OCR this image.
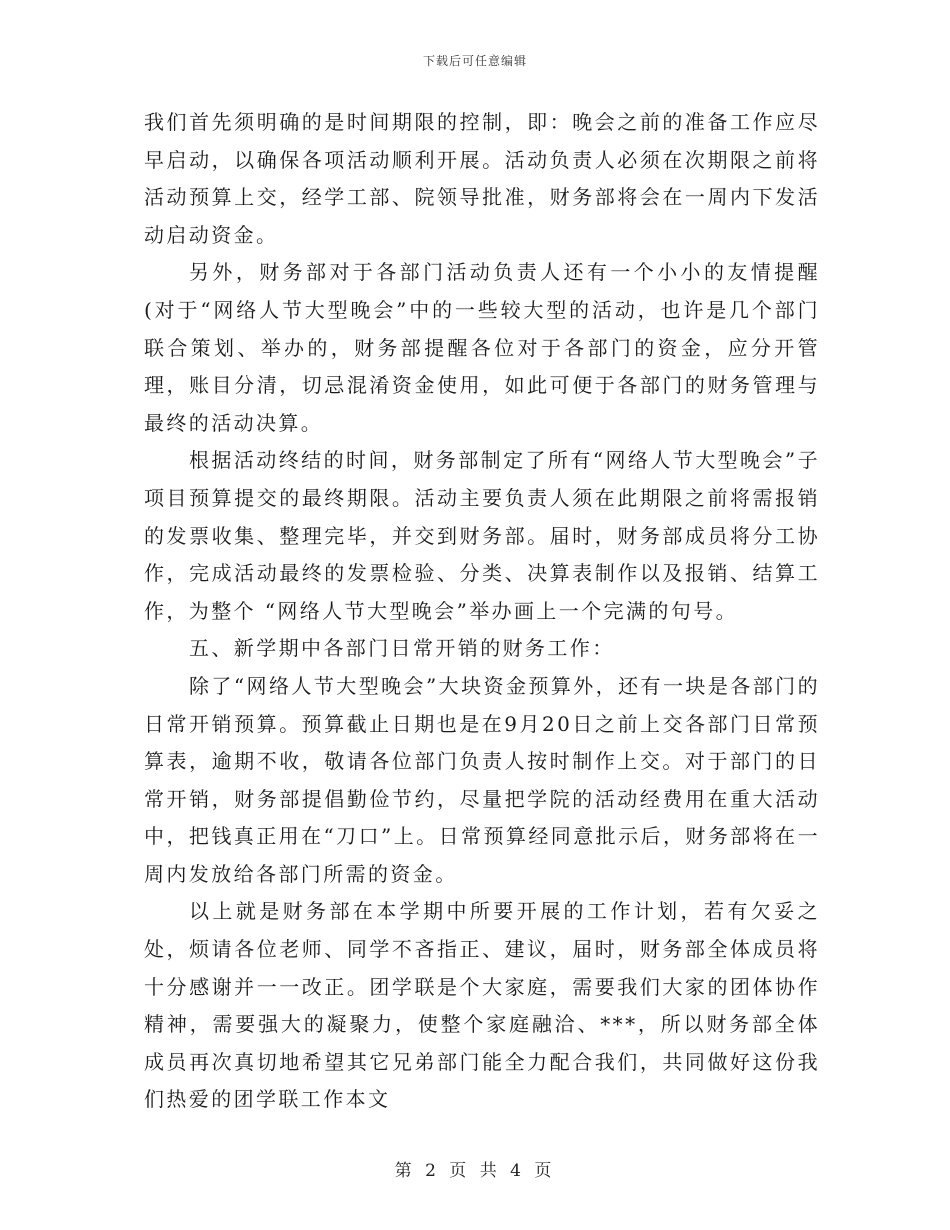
下载后可任意编辑

我们首先须明确的是时间期限的控制，即：晚会之前的准备工作应尽早启动，以确保各项活动顺利开展。活动负责人必须在次期限之前将活动预算上交，经学工部、院领导批准，财务部将会在一周内下发活动启动资金。

另外，财务部对于各部门活动负责人还有一个小小的友情提醒(对于“网络人节大型晚会”中的一些较大型的活动，也许是几个部门联合策划、举办的，财务部提醒各位对于各部门的资金，应分开管理，账目分清，切忌混淆资金使用，如此可便于各部门的财务管理与最终的活动决算。

根据活动终结的时间，财务部制定了所有“网络人节大型晚会”子项目预算提交的最终期限。活动主要负责人须在此期限之前将需报销的发票收集、整理完毕，并交到财务部。届时，财务部成员将分工协作，完成活动最终的发票检验、分类、决算表制作以及报销、结算工作，为整个 “网络人节大型晚会”举办画上一个完满的句号。

五、新学期中各部门日常开销的财务工作：

除了“网络人节大型晚会”大块资金预算外，还有一块是各部门的日常开销预算。预算截止日期也是在9月20日之前上交各部门日常预算表，逾期不收，敬请各位部门负责人按时制作上交。对于部门的日常开销，财务部提倡勤俭节约，尽量把学院的活动经费用在重大活动中，把钱真正用在“刀口”上。日常预算经同意批示后，财务部将在一周内发放给各部门所需的资金。

以上就是财务部在本学期中所要开展的工作计划，若有欠妥之处，烦请各位老师、同学不吝指正、建议，届时，财务部全体成员将十分感谢并一一改正。团学联是个大家庭，需要我们大家的团体协作精神，需要强大的凝聚力，使整个家庭融洽、***，所以财务部全体成员再次真切地希望其它兄弟部门能全力配合我们，共同做好这份我们热爱的团学联工作本文

第 2 页 共 4 页
